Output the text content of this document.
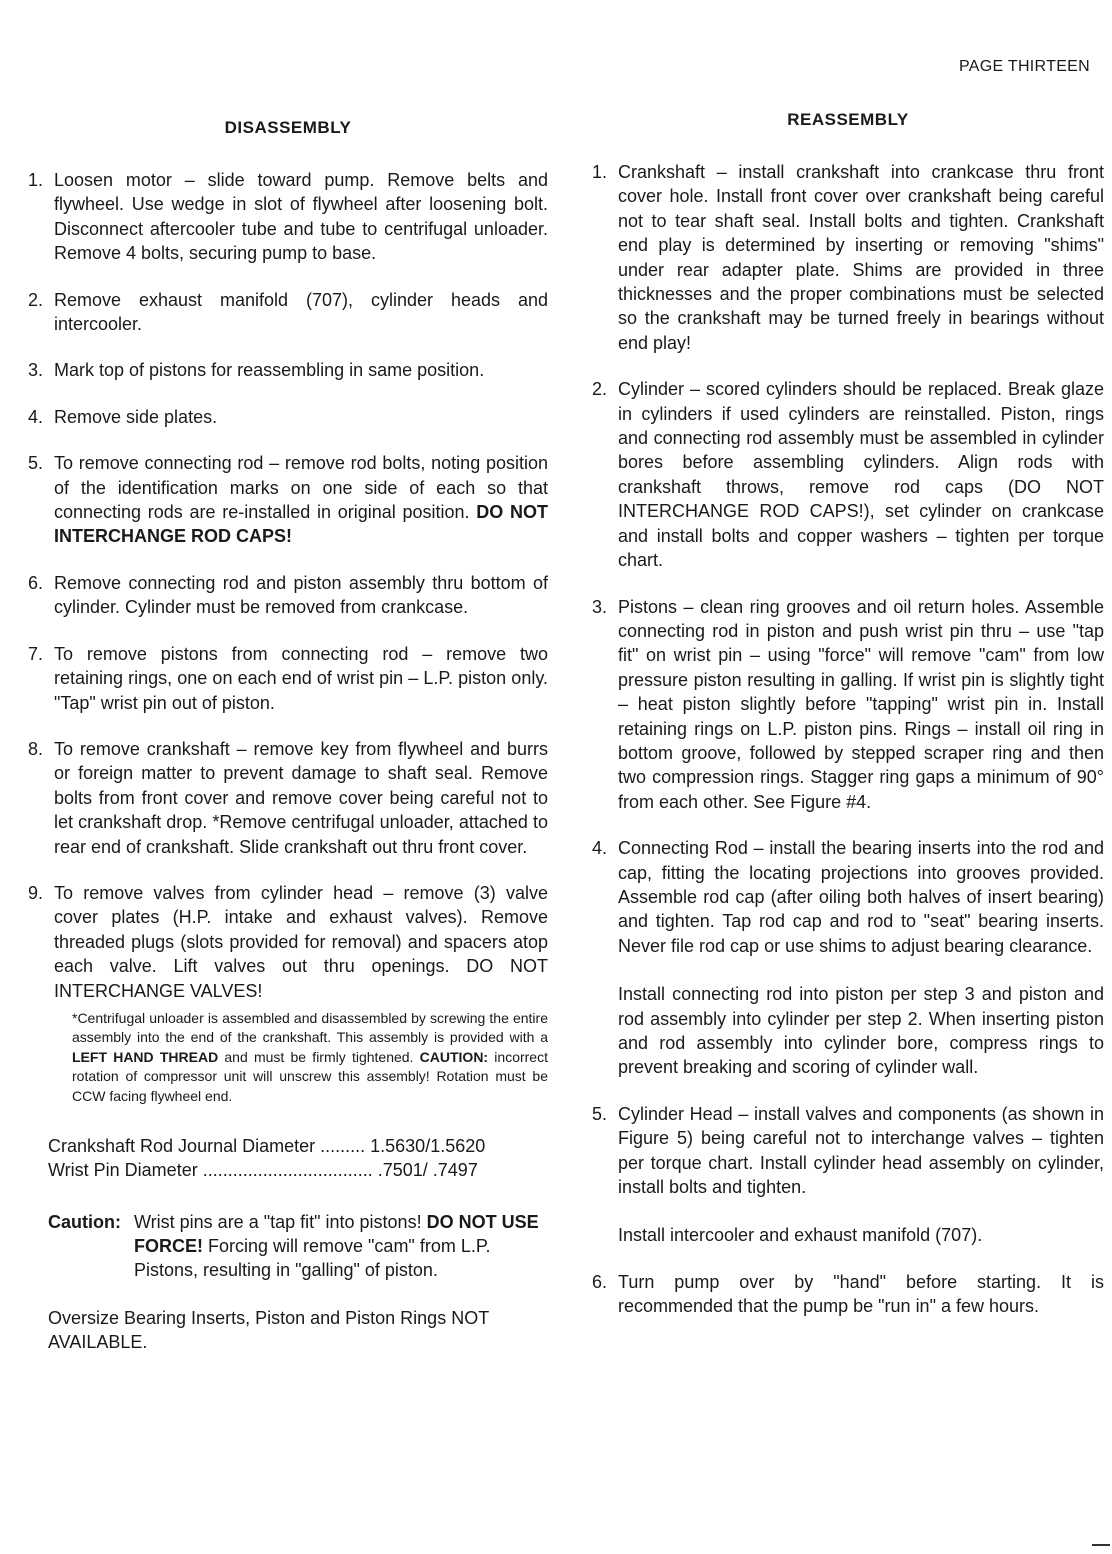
PAGE THIRTEEN
DISASSEMBLY
1. Loosen motor – slide toward pump. Remove belts and flywheel. Use wedge in slot of flywheel after loosening bolt. Disconnect aftercooler tube and tube to centrifugal unloader. Remove 4 bolts, securing pump to base.
2. Remove exhaust manifold (707), cylinder heads and intercooler.
3. Mark top of pistons for reassembling in same position.
4. Remove side plates.
5. To remove connecting rod – remove rod bolts, noting position of the identification marks on one side of each so that connecting rods are re-installed in original position. DO NOT INTERCHANGE ROD CAPS!
6. Remove connecting rod and piston assembly thru bottom of cylinder. Cylinder must be removed from crankcase.
7. To remove pistons from connecting rod – remove two retaining rings, one on each end of wrist pin – L.P. piston only. "Tap" wrist pin out of piston.
8. To remove crankshaft – remove key from flywheel and burrs or foreign matter to prevent damage to shaft seal. Remove bolts from front cover and remove cover being careful not to let crankshaft drop. *Remove centrifugal unloader, attached to rear end of crankshaft. Slide crankshaft out thru front cover.
9. To remove valves from cylinder head – remove (3) valve cover plates (H.P. intake and exhaust valves). Remove threaded plugs (slots provided for removal) and spacers atop each valve. Lift valves out thru openings. DO NOT INTERCHANGE VALVES!
*Centrifugal unloader is assembled and disassembled by screwing the entire assembly into the end of the crankshaft. This assembly is provided with a LEFT HAND THREAD and must be firmly tightened. CAUTION: incorrect rotation of compressor unit will unscrew this assembly! Rotation must be CCW facing flywheel end.
Crankshaft Rod Journal Diameter ......... 1.5630/1.5620
Wrist Pin Diameter .................................. .7501/ .7497
Caution: Wrist pins are a "tap fit" into pistons! DO NOT USE FORCE! Forcing will remove "cam" from L.P. Pistons, resulting in "galling" of piston.
Oversize Bearing Inserts, Piston and Piston Rings NOT AVAILABLE.
REASSEMBLY
1. Crankshaft – install crankshaft into crankcase thru front cover hole. Install front cover over crankshaft being careful not to tear shaft seal. Install bolts and tighten. Crankshaft end play is determined by inserting or removing "shims" under rear adapter plate. Shims are provided in three thicknesses and the proper combinations must be selected so the crankshaft may be turned freely in bearings without end play!
2. Cylinder – scored cylinders should be replaced. Break glaze in cylinders if used cylinders are reinstalled. Piston, rings and connecting rod assembly must be assembled in cylinder bores before assembling cylinders. Align rods with crankshaft throws, remove rod caps (DO NOT INTERCHANGE ROD CAPS!), set cylinder on crankcase and install bolts and copper washers – tighten per torque chart.
3. Pistons – clean ring grooves and oil return holes. Assemble connecting rod in piston and push wrist pin thru – use "tap fit" on wrist pin – using "force" will remove "cam" from low pressure piston resulting in galling. If wrist pin is slightly tight – heat piston slightly before "tapping" wrist pin in. Install retaining rings on L.P. piston pins. Rings – install oil ring in bottom groove, followed by stepped scraper ring and then two compression rings. Stagger ring gaps a minimum of 90° from each other. See Figure #4.
4. Connecting Rod – install the bearing inserts into the rod and cap, fitting the locating projections into grooves provided. Assemble rod cap (after oiling both halves of insert bearing) and tighten. Tap rod cap and rod to "seat" bearing inserts. Never file rod cap or use shims to adjust bearing clearance.
Install connecting rod into piston per step 3 and piston and rod assembly into cylinder per step 2. When inserting piston and rod assembly into cylinder bore, compress rings to prevent breaking and scoring of cylinder wall.
5. Cylinder Head – install valves and components (as shown in Figure 5) being careful not to interchange valves – tighten per torque chart. Install cylinder head assembly on cylinder, install bolts and tighten.
Install intercooler and exhaust manifold (707).
6. Turn pump over by "hand" before starting. It is recommended that the pump be "run in" a few hours.
